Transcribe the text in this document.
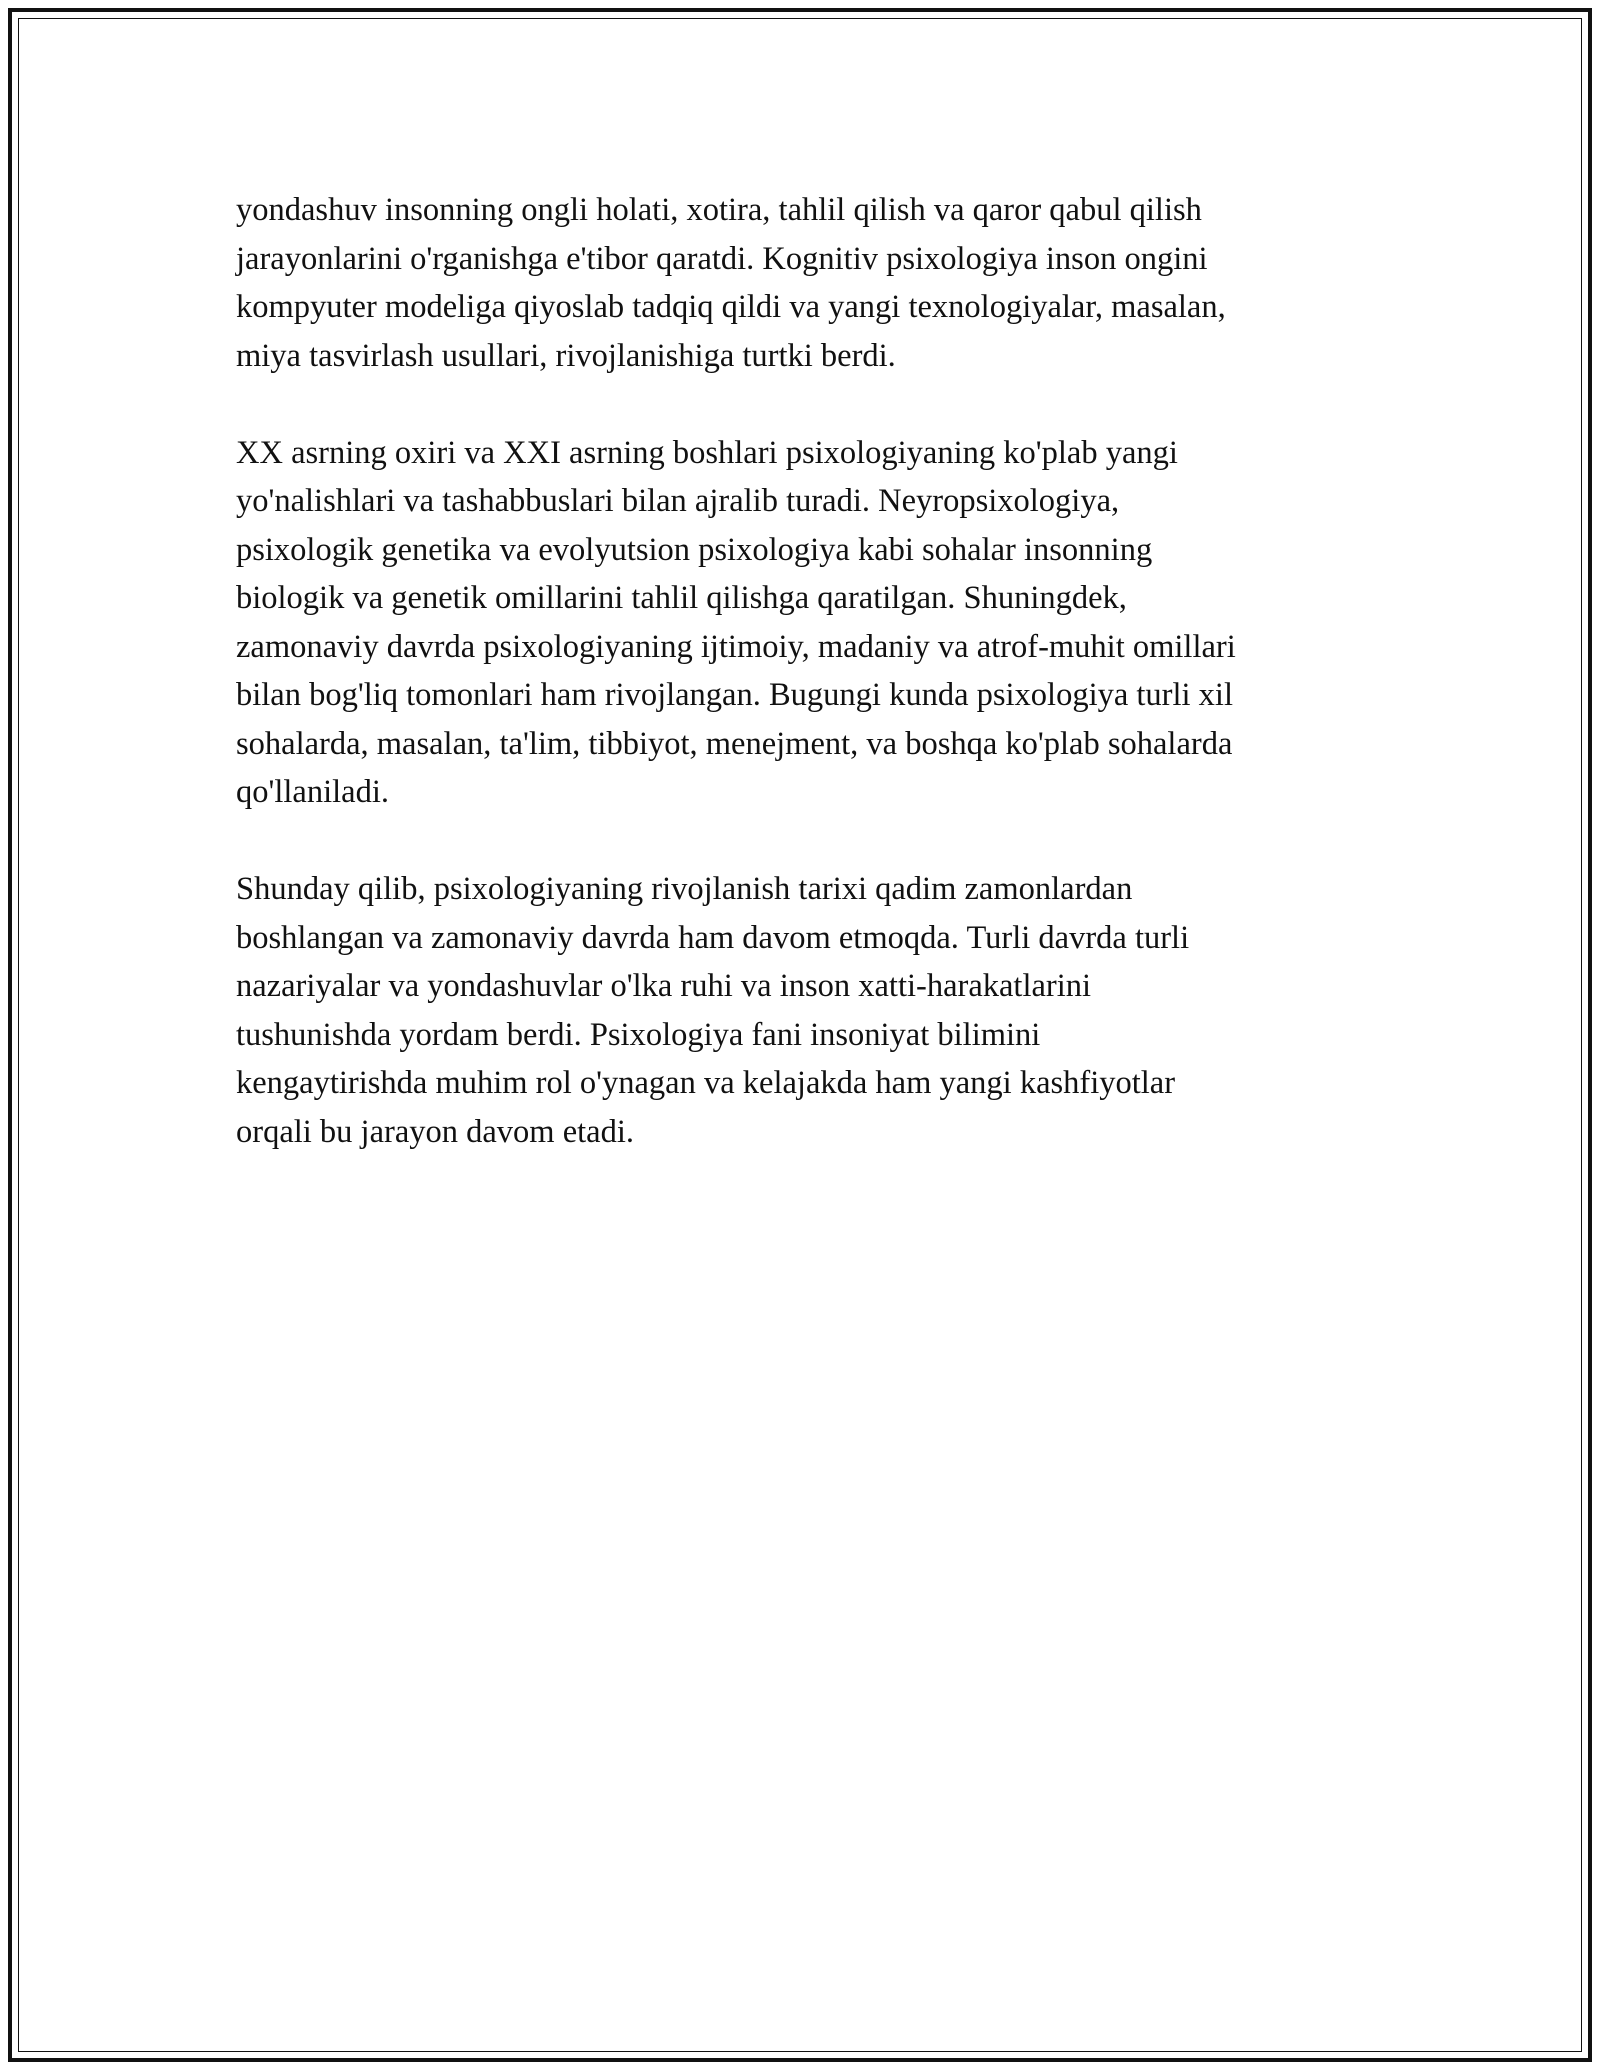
yondashuv insonning ongli holati, xotira, tahlil qilish va qaror qabul qilish
jarayonlarini o'rganishga e'tibor qaratdi. Kognitiv psixologiya inson ongini
kompyuter modeliga qiyoslab tadqiq qildi va yangi texnologiyalar, masalan,
miya tasvirlash usullari, rivojlanishiga turtki berdi.

XX asrning oxiri va XXI asrning boshlari psixologiyaning ko'plab yangi
yo'nalishlari va tashabbuslari bilan ajralib turadi. Neyropsixologiya,
psixologik genetika va evolyutsion psixologiya kabi sohalar insonning
biologik va genetik omillarini tahlil qilishga qaratilgan. Shuningdek,
zamonaviy davrda psixologiyaning ijtimoiy, madaniy va atrof-muhit omillari
bilan bog'liq tomonlari ham rivojlangan. Bugungi kunda psixologiya turli xil
sohalarda, masalan, ta'lim, tibbiyot, menejment, va boshqa ko'plab sohalarda
qo'llaniladi.

Shunday qilib, psixologiyaning rivojlanish tarixi qadim zamonlardan
boshlangan va zamonaviy davrda ham davom etmoqda. Turli davrda turli
nazariyalar va yondashuvlar o'lka ruhi va inson xatti-harakatlarini
tushunishda yordam berdi. Psixologiya fani insoniyat bilimini
kengaytirishda muhim rol o'ynagan va kelajakda ham yangi kashfiyotlar
orqali bu jarayon davom etadi.
